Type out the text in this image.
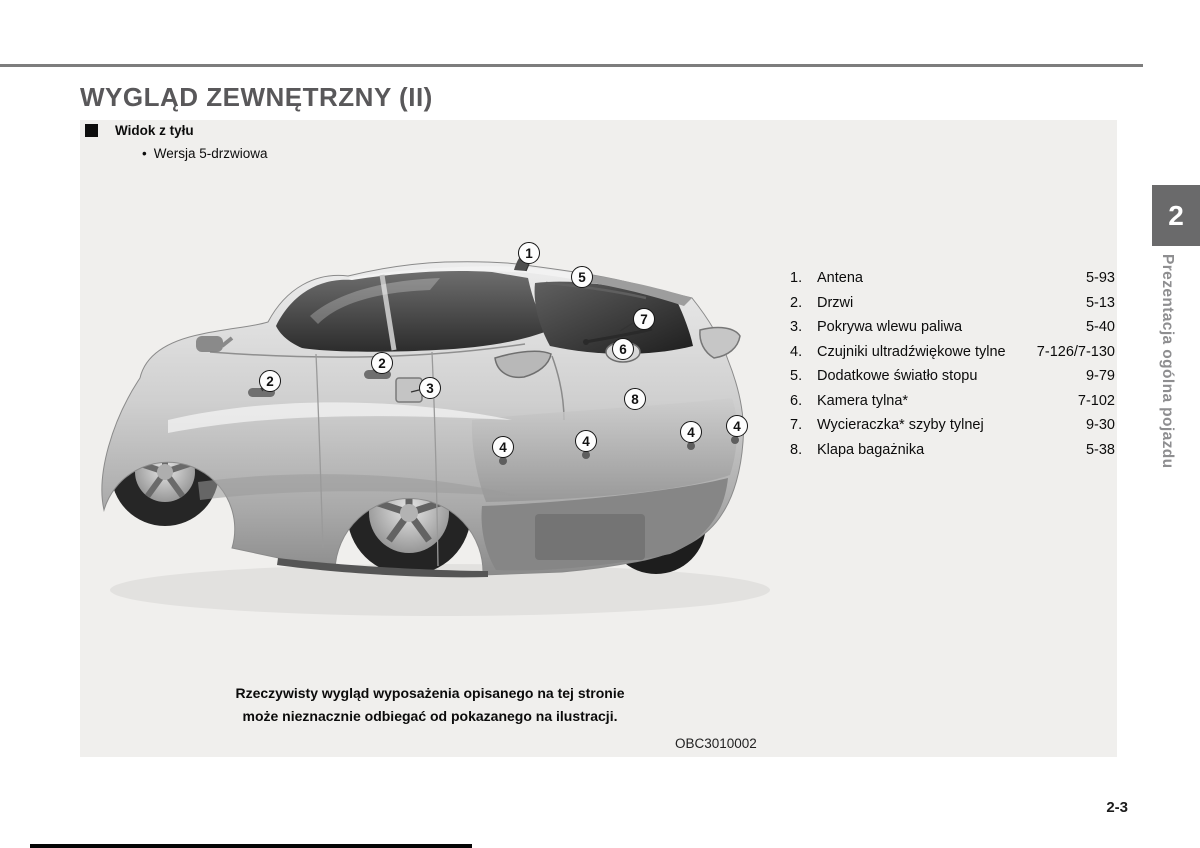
WYGLĄD ZEWNĘTRZNY (II)
Widok z tyłu
• Wersja 5-drzwiowa
1
5
7
6
2
2	3
8
4	4
4	4
1.	Antena	5-93
2.	Drzwi	5-13
3.	Pokrywa wlewu paliwa	5-40
4.	Czujniki ultradźwiękowe tylne	7-126/7-130
5.	Dodatkowe światło stopu	9-79
6.	Kamera tylna*	7-102
7.	Wycieraczka* szyby tylnej	9-30
8.	Klapa bagażnika	5-38
Rzeczywisty wygląd wyposażenia opisanego na tej stronie
może nieznacznie odbiegać od pokazanego na ilustracji.
OBC3010002
2
Prezentacja ogólna pojazdu
2-3
